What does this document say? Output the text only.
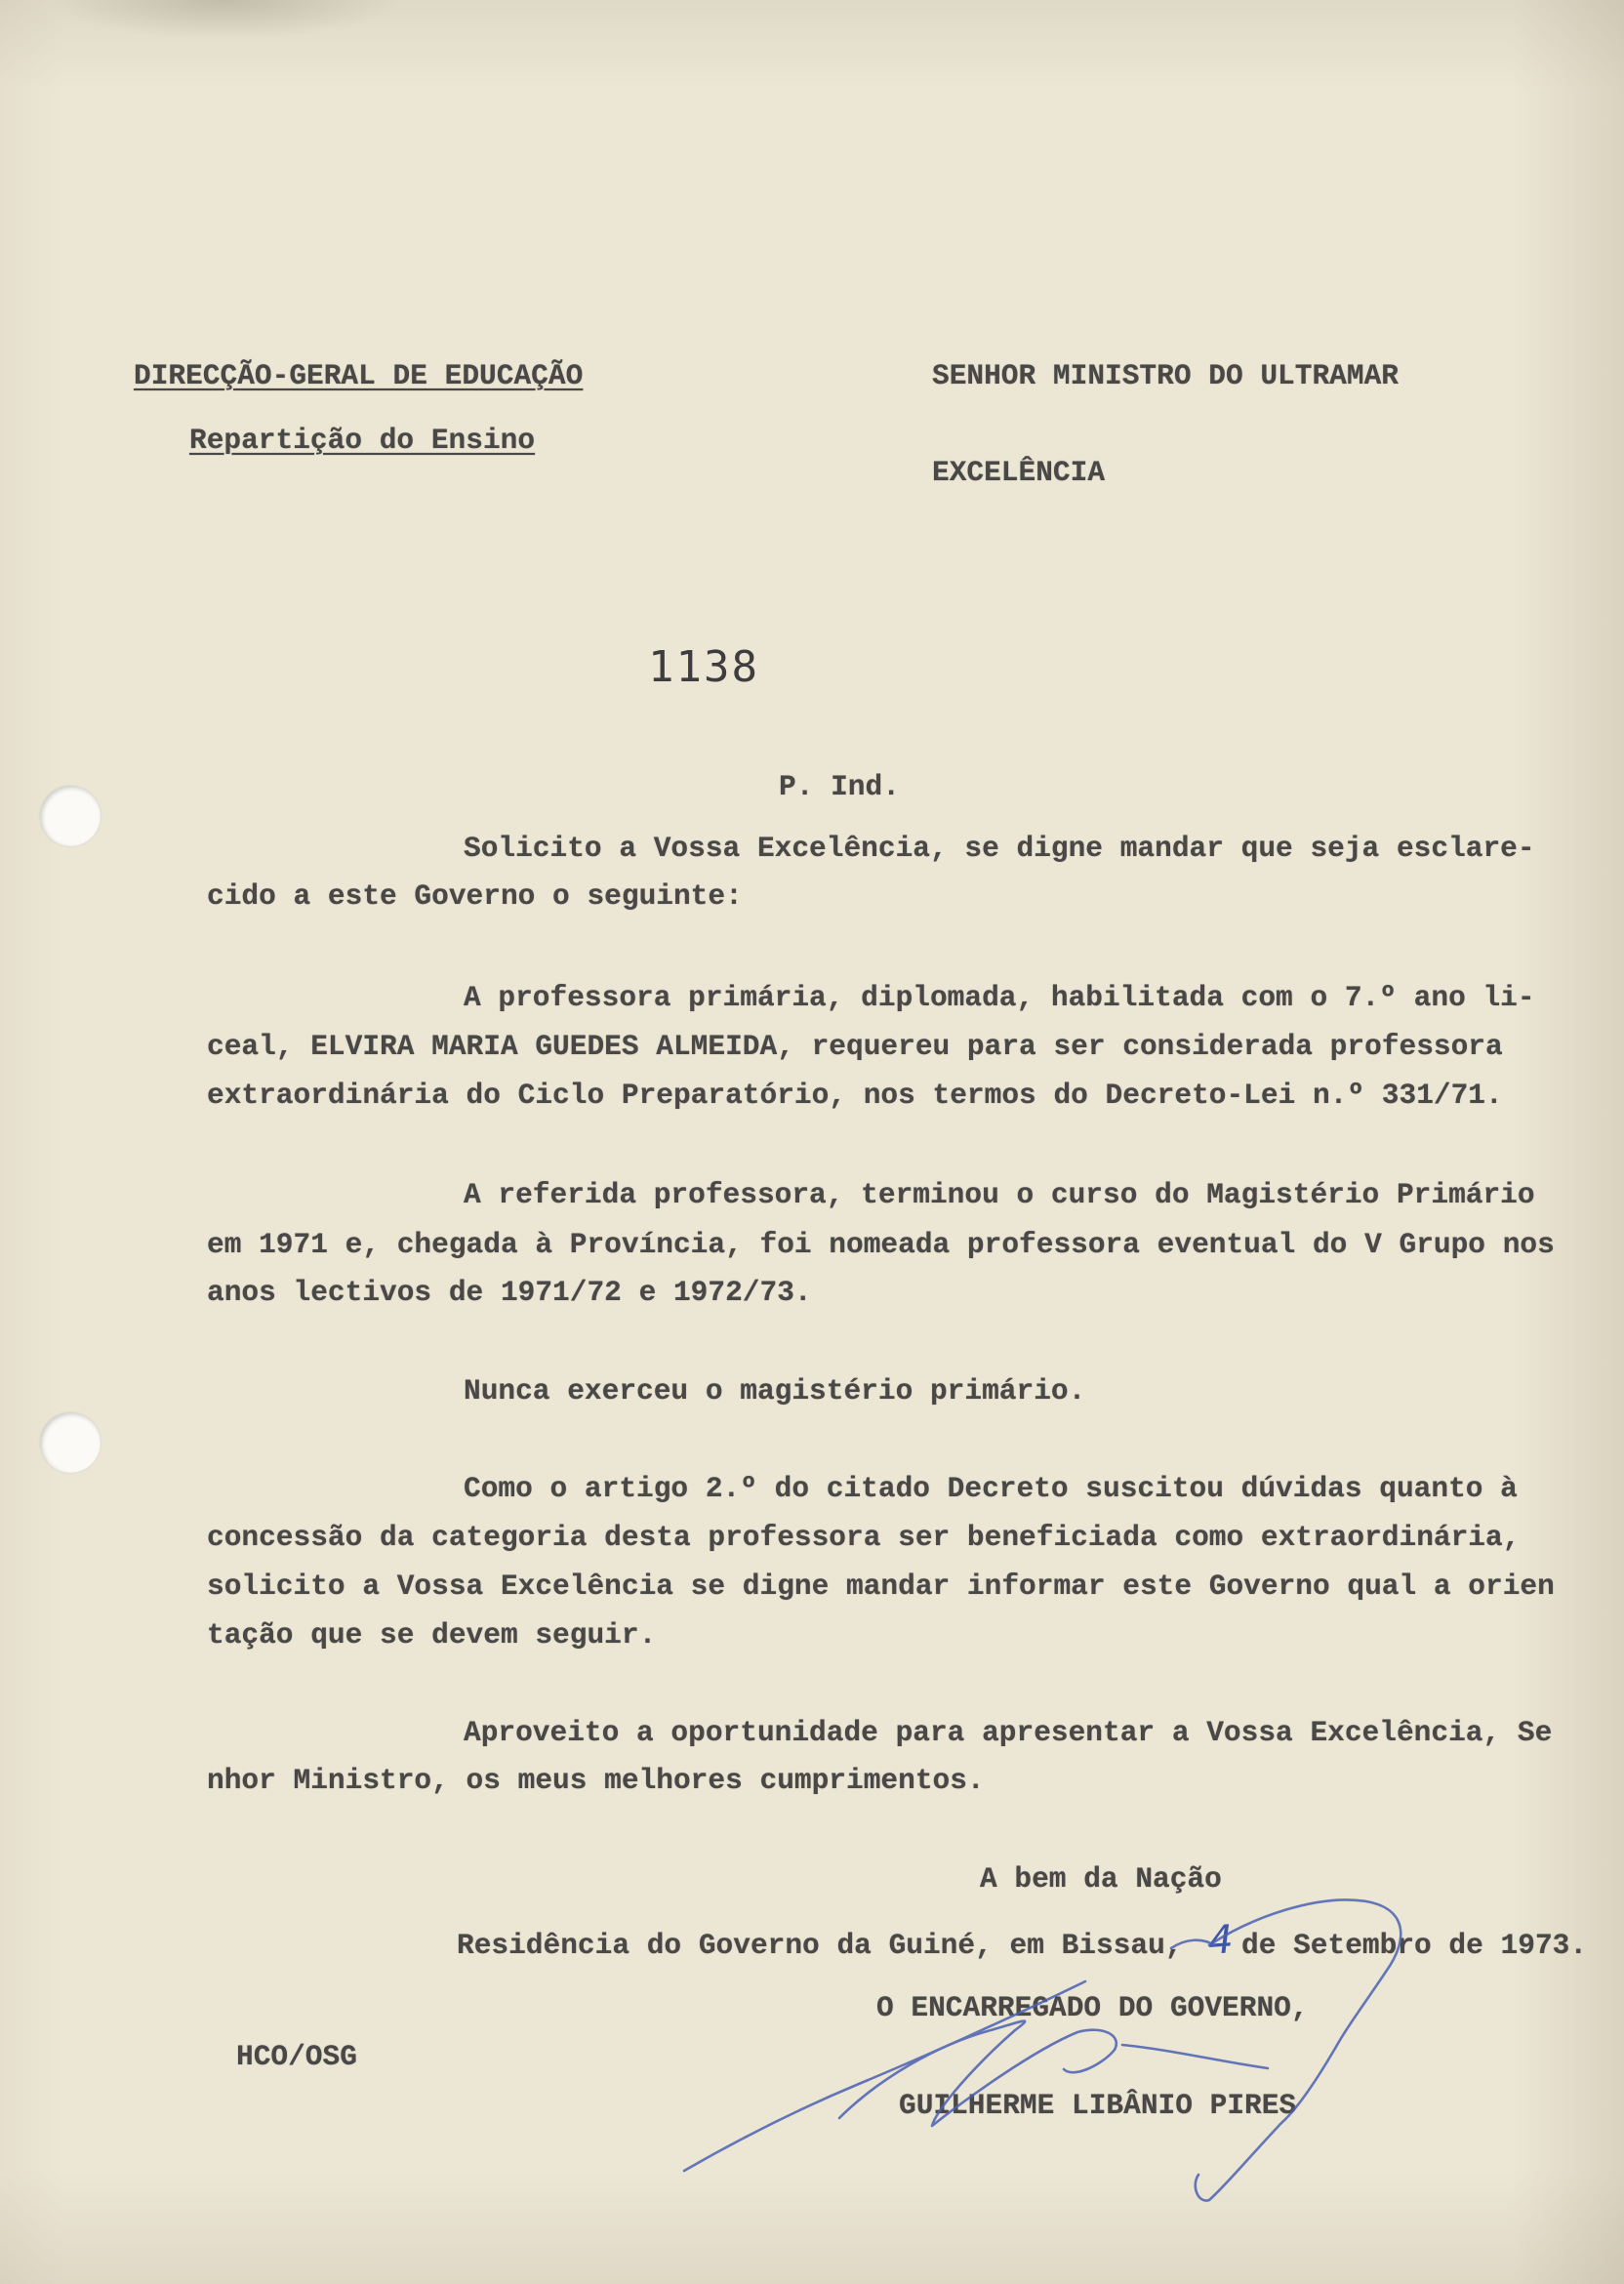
DIRECÇÃO-GERAL DE EDUCAÇÃO
Repartição do Ensino
SENHOR MINISTRO DO ULTRAMAR
EXCELÊNCIA
1138
P. Ind.
Solicito a Vossa Excelência, se digne mandar que seja esclare-
cido a este Governo o seguinte:
A professora primária, diplomada, habilitada com o 7.º ano li-
ceal, ELVIRA MARIA GUEDES ALMEIDA, requereu para ser considerada professora
extraordinária do Ciclo Preparatório, nos termos do Decreto-Lei n.º 331/71.
A referida professora, terminou o curso do Magistério Primário
em 1971 e, chegada à Província, foi nomeada professora eventual do V Grupo nos
anos lectivos de 1971/72 e 1972/73.
Nunca exerceu o magistério primário.
Como o artigo 2.º do citado Decreto suscitou dúvidas quanto à
concessão da categoria desta professora ser beneficiada como extraordinária,
solicito a Vossa Excelência se digne mandar informar este Governo qual a orien
tação que se devem seguir.
Aproveito a oportunidade para apresentar a Vossa Excelência, Se
nhor Ministro, os meus melhores cumprimentos.
A bem da Nação
Residência do Governo da Guiné, em Bissau, 4 de Setembro de 1973.
O ENCARREGADO DO GOVERNO,
HCO/OSG
GUILHERME LIBÂNIO PIRES
